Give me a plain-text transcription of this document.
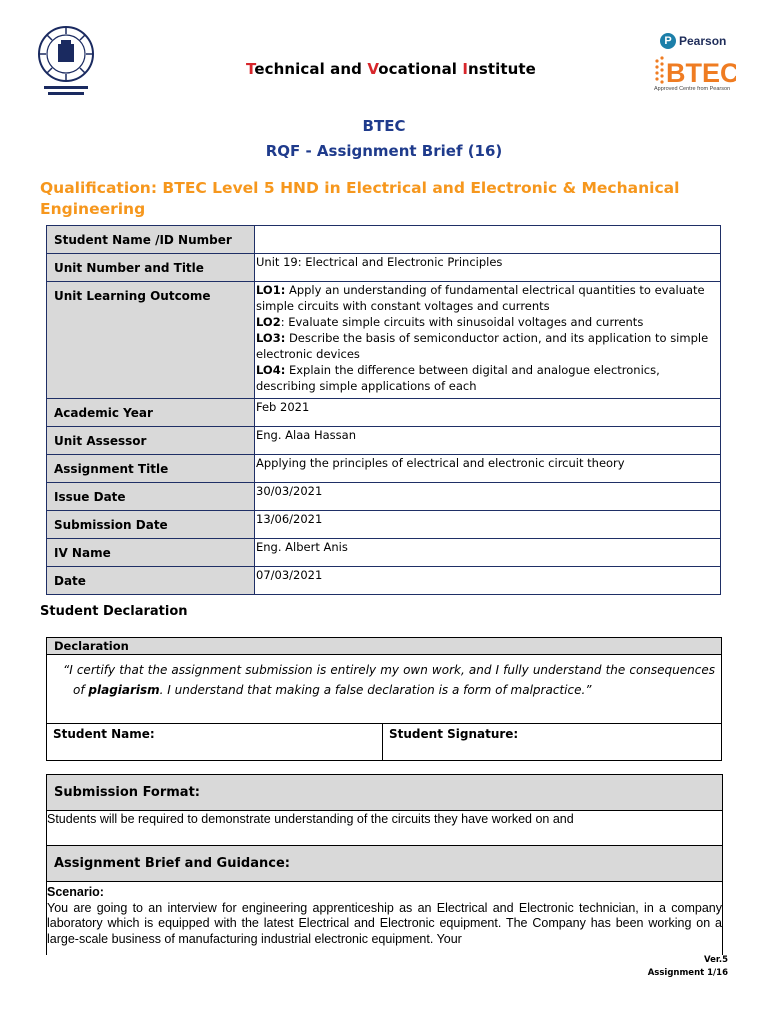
Technical and Vocational Institute
P Pearson
BTEC
Approved Centre from Pearson
BTEC
RQF - Assignment Brief (16)
Qualification: BTEC Level 5 HND in Electrical and Electronic & Mechanical Engineering
Student Name /ID Number	
Unit Number and Title	Unit 19: Electrical and Electronic Principles
Unit Learning Outcome	LO1: Apply an understanding of fundamental electrical quantities to evaluate simple circuits with constant voltages and currents
LO2: Evaluate simple circuits with sinusoidal voltages and currents
LO3: Describe the basis of semiconductor action, and its application to simple electronic devices
LO4: Explain the difference between digital and analogue electronics, describing simple applications of each

Academic Year	Feb 2021
Unit Assessor	Eng. Alaa Hassan
Assignment Title	Applying the principles of electrical and electronic circuit theory
Issue Date	30/03/2021
Submission Date	13/06/2021
IV Name	Eng. Albert Anis
Date	07/03/2021
Student Declaration
Declaration
“I certify that the assignment submission is entirely my own work, and I fully understand the consequences of plagiarism. I understand that making a false declaration is a form of malpractice.”
Student Name:	Student Signature:
Submission Format:
Students will be required to demonstrate understanding of the circuits they have worked on and
Assignment Brief and Guidance:
Scenario:
You are going to an interview for engineering apprenticeship as an Electrical and Electronic technician, in a company laboratory which is equipped with the latest Electrical and Electronic equipment. The Company has been working on a large-scale business of manufacturing industrial electronic equipment. Your
Ver.5
Assignment 1/16
